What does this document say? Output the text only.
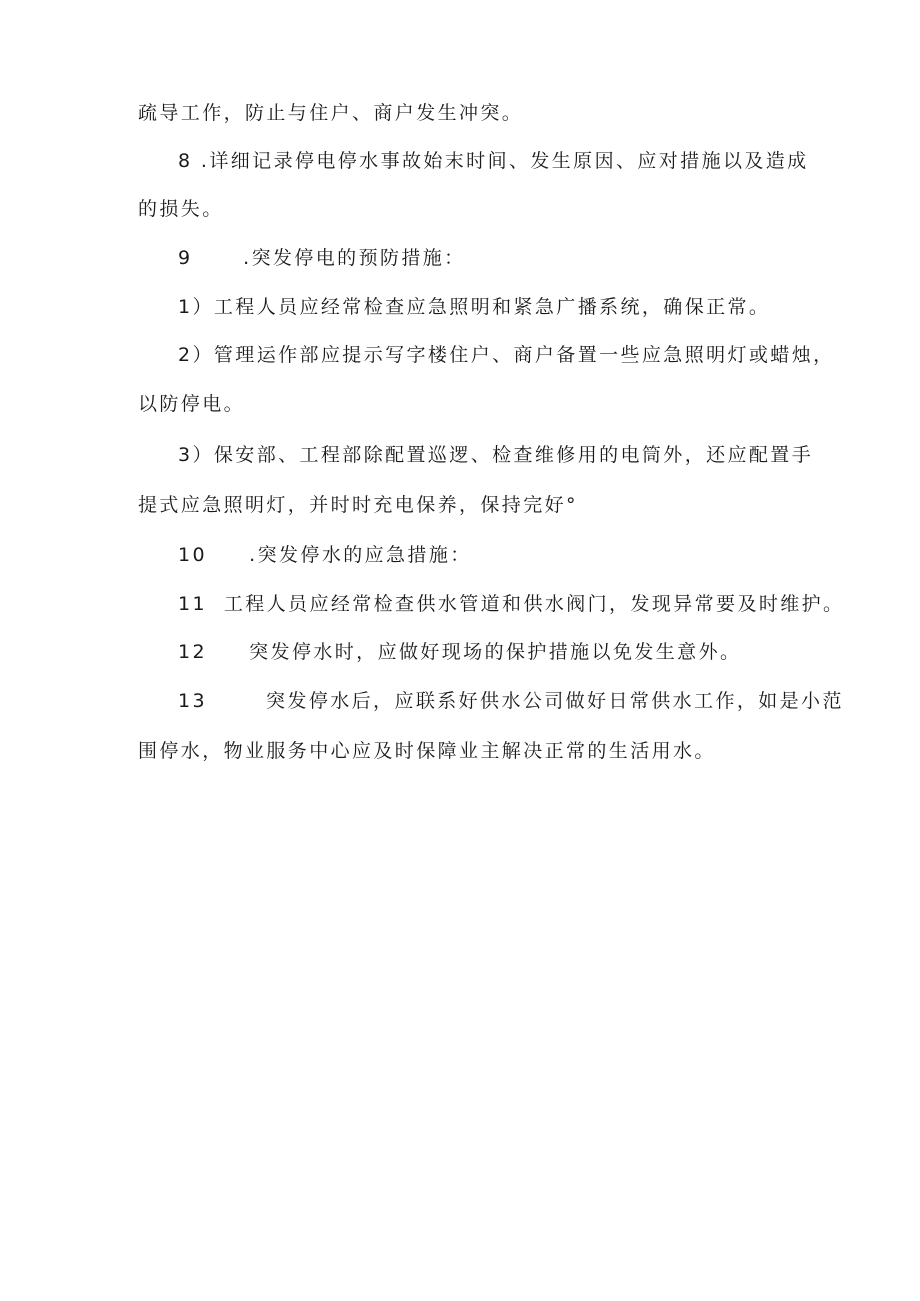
疏导工作，防止与住户、商户发生冲突。
8 .详细记录停电停水事故始末时间、发生原因、应对措施以及造成
的损失。
9      .突发停电的预防措施：
1）工程人员应经常检查应急照明和紧急广播系统，确保正常。
2）管理运作部应提示写字楼住户、商户备置一些应急照明灯或蜡烛，
以防停电。
3）保安部、工程部除配置巡逻、检查维修用的电筒外，还应配置手
提式应急照明灯，并时时充电保养，保持完好°
10     .突发停水的应急措施：
11  工程人员应经常检查供水管道和供水阀门，发现异常要及时维护。
12     突发停水时，应做好现场的保护措施以免发生意外。
13       突发停水后，应联系好供水公司做好日常供水工作，如是小范
围停水，物业服务中心应及时保障业主解决正常的生活用水。
